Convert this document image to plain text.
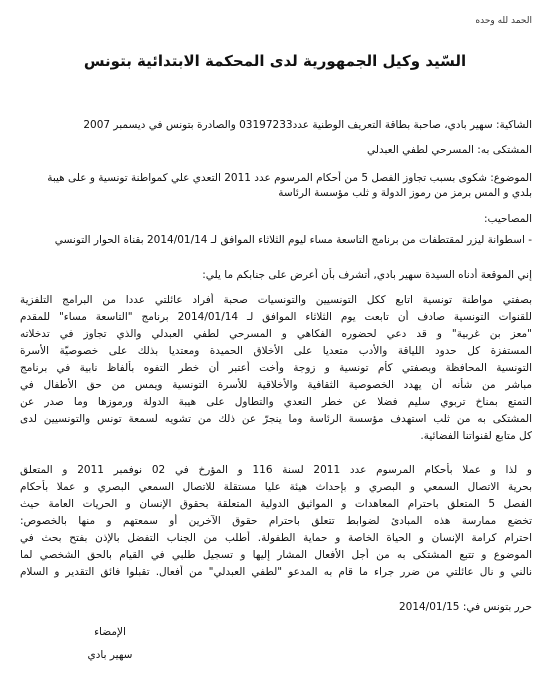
الحمد لله وحده
السّيد وكيل الجمهورية لدى المحكمة الابتدائية بتونس
الشاكية: سهير بادي، صاحبة بطاقة التعريف الوطنية عدد03197233 والصادرة بتونس في ديسمبر 2007
المشتكى به: المسرحي لطفي العبدلي
الموضوع: شكوى بسبب تجاوز الفصل 5 من أحكام المرسوم عدد 2011 التعدي علي كمواطنة تونسية و على هيبة
بلدي و المس برمز من رموز الدولة و ثلب مؤسسة الرئاسة
المصاحيب:
- اسطوانة ليزر لمقتطفات من برنامج التاسعة مساء ليوم الثلاثاء الموافق لـ 2014/01/14 بقناة الحوار التونسي
إني الموقعة أدناه السيدة سهير بادي, أتشرف بأن أعرض على جنابكم ما يلي:
بصفتي مواطنة تونسية اتابع ككل التونسيين والتونسيات صحبة أفراد عائلتي عددا من البرامج التلفزية
للقنوات التونسية صادف أن تابعت يوم الثلاثاء الموافق لـ 2014/01/14 برنامج "التاسعة مساء" للمقدم
"معز بن غربية" و قد دعي لحضوره الفكاهي و المسرحي لطفي العبدلي والذي تجاوز في تدخلاته
المستفزة كل حدود اللياقة والأدب متعديا على الأخلاق الحميدة ومعتديا بذلك على خصوصيّة الأسرة
التونسية المحافظة وبصفتي كأم تونسية و زوجة وأخت أعتبر أن خطر التفوه بألفاظ نابية في برنامج
مباشر من شأنه أن يهدد الخصوصية الثقافية والأخلاقية للأسرة التونسية ويمس من حق الأطفال في
التمتع بمناخ تربوي سليم فضلا عن خطر التعدي والتطاول على هيبة الدولة ورموزها وما صدر عن
المشتكى به من ثلب استهدف مؤسسة الرئاسة وما ينجرّ عن ذلك من تشويه لسمعة تونس والتونسيين لدى
كل متابع لقنواتنا الفضائية.
و لذا و عملا بأحكام المرسوم عدد 2011 لسنة 116 و المؤرخ في 02 نوفمبر 2011 و المتعلق
بحرية الاتصال السمعي و البصري و بإحداث هيئة عليا مستقلة للاتصال السمعي البصري و عملا بأحكام
الفصل 5 المتعلق باحترام المعاهدات و المواثيق الدولية المتعلقة بحقوق الإنسان و الحريات العامة حيث
تخضع ممارسة هذه المبادئ لضوابط تتعلق باحترام حقوق الآخرين أو سمعتهم و منها بالخصوص:
احترام كرامة الإنسان و الحياة الخاصة و حماية الطفولة. أطلب من الجناب التفضل بالإذن بفتح بحث في
الموضوع و تتبع المشتكى به من أجل الأفعال المشار إليها و تسجيل طلبي في القيام بالحق الشخصي لما
نالني و نال عائلتي من ضرر جراء ما قام به المدعو "لطفي العبدلي" من أفعال. تقبلوا فائق التقدير و السلام
حرر بتونس في: 2014/01/15
الإمضاء
سهير بادي
